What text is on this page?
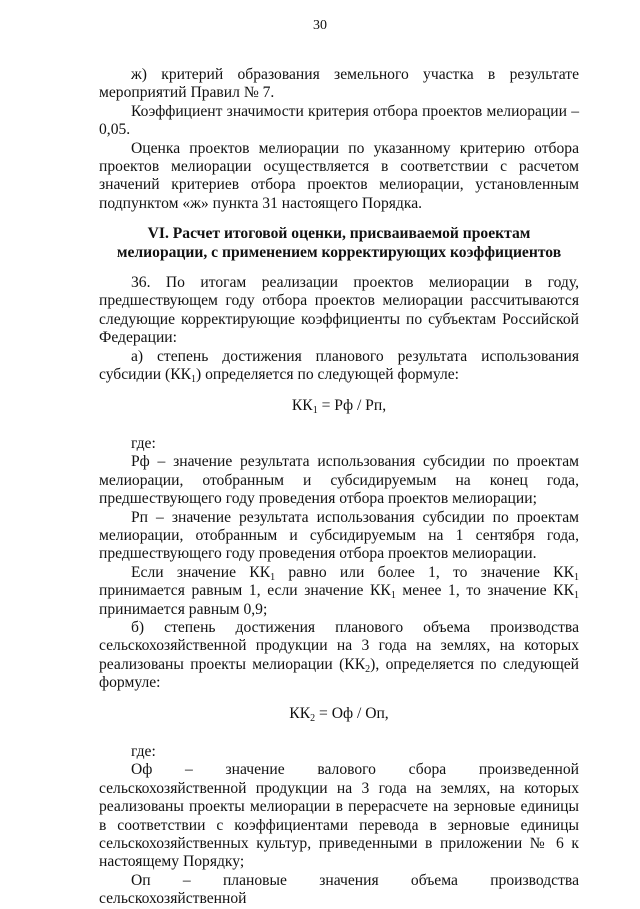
30

ж) критерий образования земельного участка в результате

мероприятий Правил № 7.

Коэффициент значимости критерия отбора проектов мелиорации –

0,05.

Оценка проектов мелиорации по указанному критерию отбора проектов мелиорации осуществляется в соответствии с расчетом значений критериев отбора проектов мелиорации, установленным подпунктом «ж» пункта 31 настоящего Порядка.

VI. Расчет итоговой оценки, присваиваемой проектам

мелиорации, с применением корректирующих коэффициентов

36. По итогам реализации проектов мелиорации в году, предшествующем году отбора проектов мелиорации рассчитываются следующие корректирующие коэффициенты по субъектам Российской Федерации:

а) степень достижения планового результата использования субсидии $(КК_1)$ определяется по следующей формуле:

$КК_1$ = Рф / Рп,

где:

Рф – значение результата использования субсидии по проектам мелиорации, отобранным и субсидируемым на конец года, предшествующего году проведения отбора проектов мелиорации;

Рп – значение результата использования субсидии по проектам мелиорации, отобранным и субсидируемым на 1 сентября года, предшествующего году проведения отбора проектов мелиорации.

Если значение $КК_1$ равно или более 1, то значение $КК_1$ принимается равным 1, если значение $КК_1$ менее 1, то значение $КК_1$ принимается равным 0,9;

б) степень достижения планового объема производства сельскохозяйственной продукции на 3 года на землях, на которых реализованы проекты мелиорации $(КК_2)$, определяется по следующей формуле:

$КК_2$ = Оф / Оп,

где:

Оф – значение валового сбора произведенной сельскохозяйственной продукции на 3 года на землях, на которых реализованы проекты мелиорации в перерасчете на зерновые единицы в соответствии с коэффициентами перевода в зерновые единицы сельскохозяйственных культур, приведенными в приложении № 6 к настоящему Порядку;

Оп – плановые значения объема производства сельскохозяйственной
